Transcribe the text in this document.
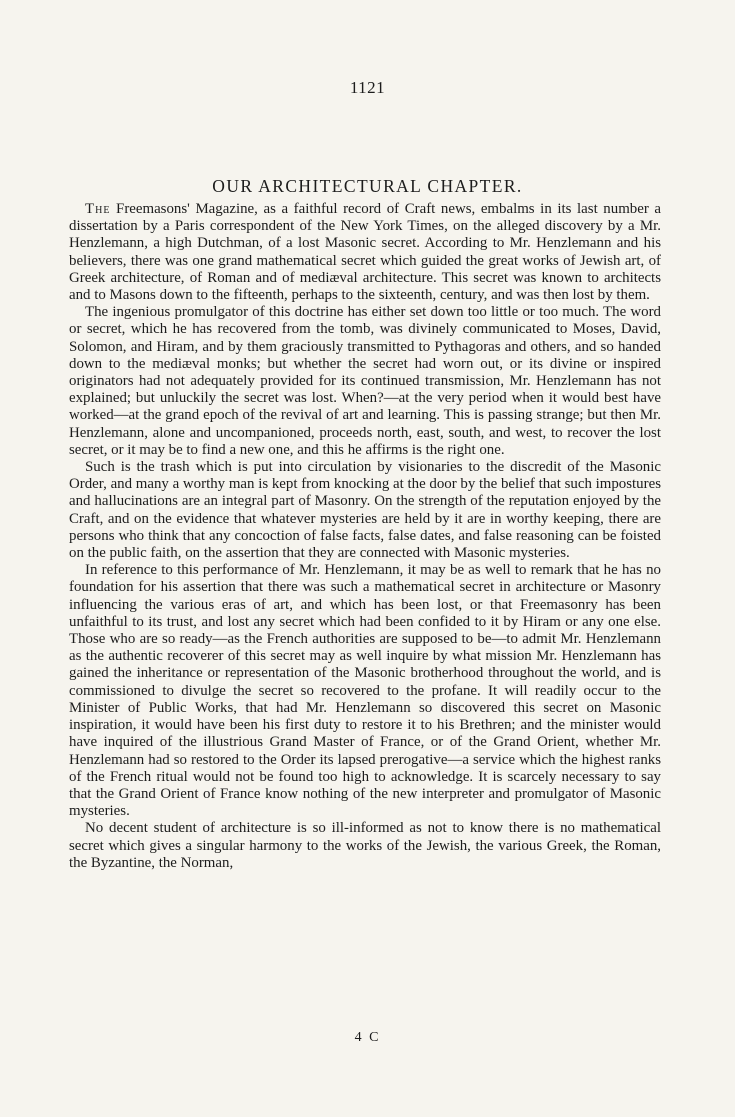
1121
OUR ARCHITECTURAL CHAPTER.

The Freemasons' Magazine, as a faithful record of Craft news, embalms in its last number a dissertation by a Paris correspondent of the New York Times, on the alleged discovery by a Mr. Henzlemann, a high Dutchman, of a lost Masonic secret. According to Mr. Henzlemann and his believers, there was one grand mathematical secret which guided the great works of Jewish art, of Greek architecture, of Roman and of mediæval architecture. This secret was known to architects and to Masons down to the fifteenth, perhaps to the sixteenth, century, and was then lost by them.

The ingenious promulgator of this doctrine has either set down too little or too much. The word or secret, which he has recovered from the tomb, was divinely communicated to Moses, David, Solomon, and Hiram, and by them graciously transmitted to Pythagoras and others, and so handed down to the mediæval monks; but whether the secret had worn out, or its divine or inspired originators had not adequately provided for its continued transmission, Mr. Henzlemann has not explained; but unluckily the secret was lost. When?—at the very period when it would best have worked—at the grand epoch of the revival of art and learning. This is passing strange; but then Mr. Henzlemann, alone and uncompanioned, proceeds north, east, south, and west, to recover the lost secret, or it may be to find a new one, and this he affirms is the right one.

Such is the trash which is put into circulation by visionaries to the discredit of the Masonic Order, and many a worthy man is kept from knocking at the door by the belief that such impostures and hallucinations are an integral part of Masonry. On the strength of the reputation enjoyed by the Craft, and on the evidence that whatever mysteries are held by it are in worthy keeping, there are persons who think that any concoction of false facts, false dates, and false reasoning can be foisted on the public faith, on the assertion that they are connected with Masonic mysteries.

In reference to this performance of Mr. Henzlemann, it may be as well to remark that he has no foundation for his assertion that there was such a mathematical secret in architecture or Masonry influencing the various eras of art, and which has been lost, or that Freemasonry has been unfaithful to its trust, and lost any secret which had been confided to it by Hiram or any one else. Those who are so ready—as the French authorities are supposed to be—to admit Mr. Henzlemann as the authentic recoverer of this secret may as well inquire by what mission Mr. Henzlemann has gained the inheritance or representation of the Masonic brotherhood throughout the world, and is commissioned to divulge the secret so recovered to the profane. It will readily occur to the Minister of Public Works, that had Mr. Henzlemann so discovered this secret on Masonic inspiration, it would have been his first duty to restore it to his Brethren; and the minister would have inquired of the illustrious Grand Master of France, or of the Grand Orient, whether Mr. Henzlemann had so restored to the Order its lapsed prerogative—a service which the highest ranks of the French ritual would not be found too high to acknowledge. It is scarcely necessary to say that the Grand Orient of France know nothing of the new interpreter and promulgator of Masonic mysteries.

No decent student of architecture is so ill-informed as not to know there is no mathematical secret which gives a singular harmony to the works of the Jewish, the various Greek, the Roman, the Byzantine, the Norman,

4 C
